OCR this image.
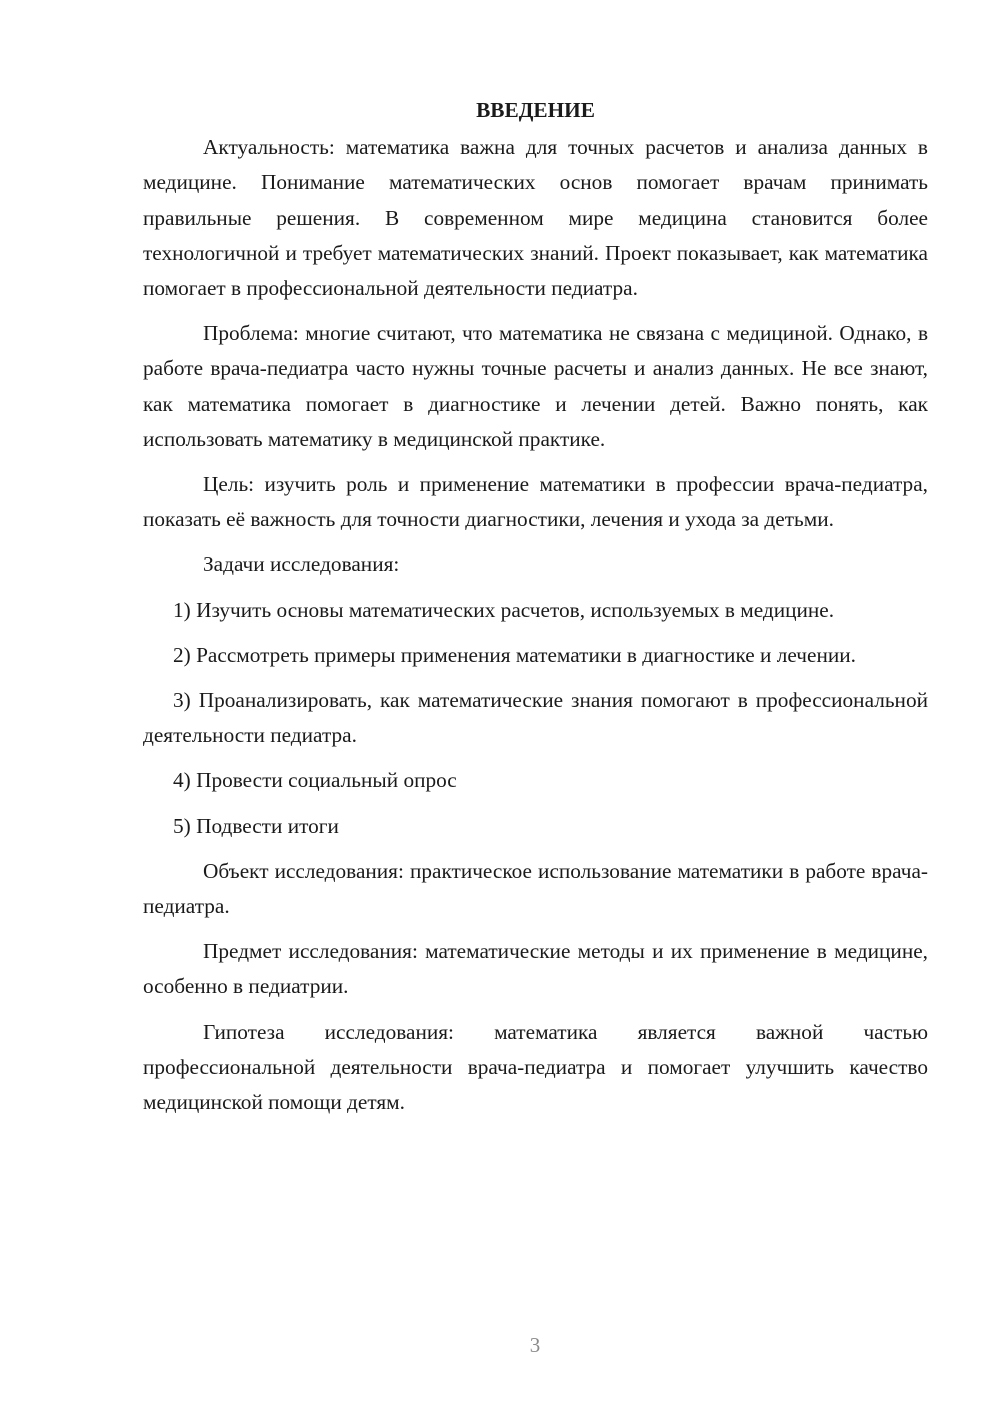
ВВЕДЕНИЕ

Актуальность: математика важна для точных расчетов и анализа данных в медицине. Понимание математических основ помогает врачам принимать правильные решения. В современном мире медицина становится более технологичной и требует математических знаний. Проект показывает, как математика помогает в профессиональной деятельности педиатра.

Проблема: многие считают, что математика не связана с медициной. Однако, в работе врача-педиатра часто нужны точные расчеты и анализ данных. Не все знают, как математика помогает в диагностике и лечении детей. Важно понять, как использовать математику в медицинской практике.

Цель: изучить роль и применение математики в профессии врача-педиатра, показать её важность для точности диагностики, лечения и ухода за детьми.

Задачи исследования:

1) Изучить основы математических расчетов, используемых в медицине.

2) Рассмотреть примеры применения математики в диагностике и лечении.

3) Проанализировать, как математические знания помогают в профессиональной деятельности педиатра.

4) Провести социальный опрос

5) Подвести итоги

Объект исследования: практическое использование математики в работе врача-педиатра.

Предмет исследования: математические методы и их применение в медицине, особенно в педиатрии.

Гипотеза исследования: математика является важной частью профессиональной деятельности врача-педиатра и помогает улучшить качество медицинской помощи детям.

3
